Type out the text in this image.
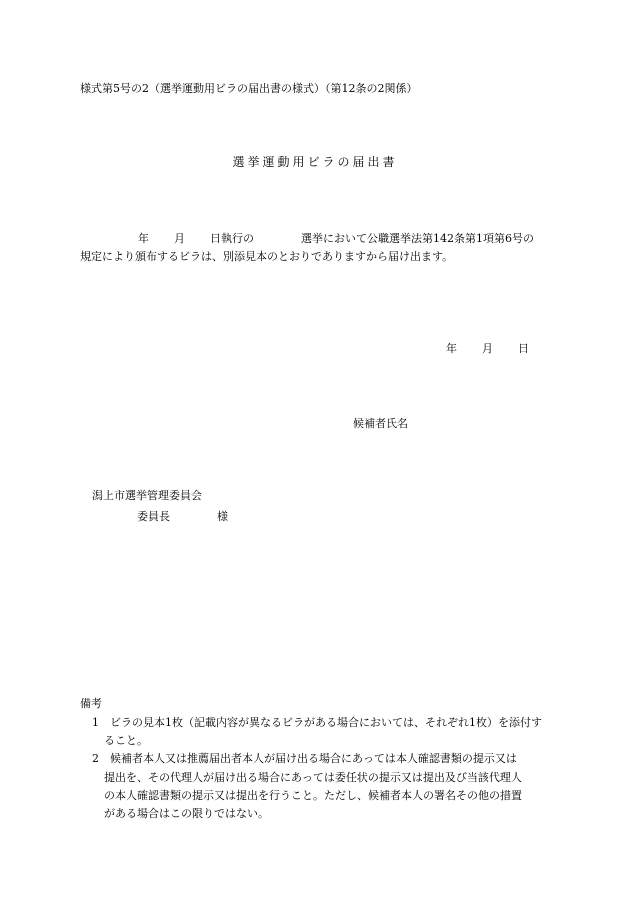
様式第5号の2（選挙運動用ビラの届出書の様式）（第12条の2関係）
選挙運動用ビラの届出書
年 月 日執行の	選挙において公職選挙法第142条第1項第6号の
規定により頒布するビラは、別添見本のとおりでありますから届け出ます。
年 月 日
候補者氏名
潟上市選挙管理委員会
委員長	様
備考
1 ビラの見本1枚（記載内容が異なるビラがある場合においては、それぞれ1枚）を添付す
ること。
2 候補者本人又は推薦届出者本人が届け出る場合にあっては本人確認書類の提示又は
提出を、その代理人が届け出る場合にあっては委任状の提示又は提出及び当該代理人
の本人確認書類の提示又は提出を行うこと。ただし、候補者本人の署名その他の措置
がある場合はこの限りではない。
